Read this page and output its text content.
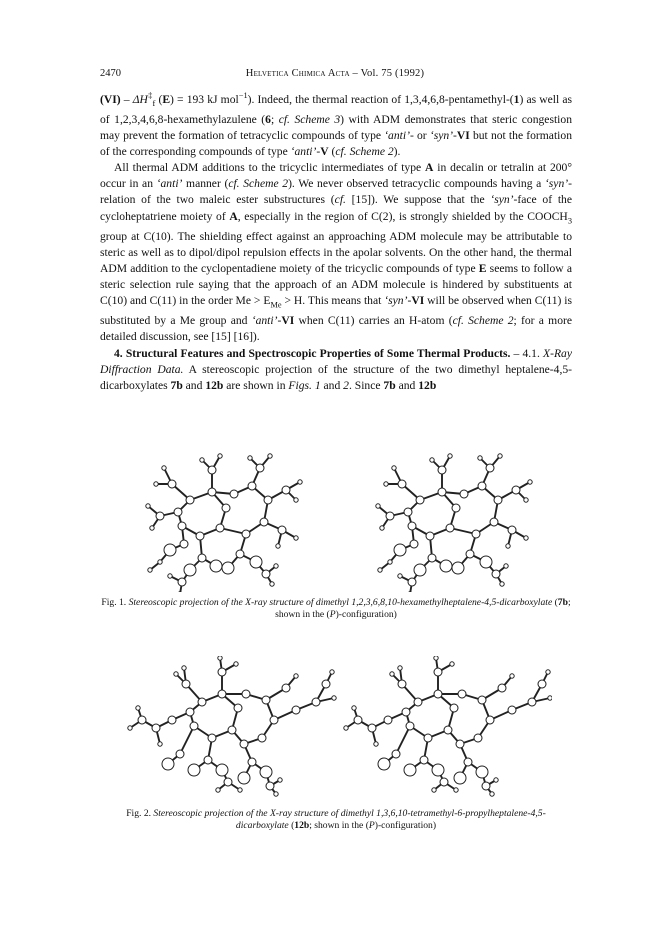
2470	Helvetica Chimica Acta – Vol. 75 (1992)

$(VI) - \Delta H^\ddagger_f$ (E) = 193 kJ mol$^{-1}$). Indeed, the thermal reaction of 1,3,4,6,8-pentamethyl-(1) as well as of 1,2,3,4,6,8-hexamethylazulene (6; cf. Scheme 3) with ADM demonstrates that steric congestion may prevent the formation of tetracyclic compounds of type ‘anti’- or ‘syn’-VI but not the formation of the corresponding compounds of type ‘anti’-V (cf. Scheme 2).

All thermal ADM additions to the tricyclic intermediates of type A in decalin or tetralin at 200° occur in an ‘anti’ manner (cf. Scheme 2). We never observed tetracyclic compounds having a ‘syn’-relation of the two maleic ester substructures (cf. [15]). We suppose that the ‘syn’-face of the cycloheptatriene moiety of A, especially in the region of C(2), is strongly shielded by the $COOCH_3$ group at C(10). The shielding effect against an approaching ADM molecule may be attributable to steric as well as to dipol/dipol repulsion effects in the apolar solvents. On the other hand, the thermal ADM addition to the cyclopentadiene moiety of the tricyclic compounds of type E seems to follow a steric selection rule saying that the approach of an ADM molecule is hindered by substituents at C(10) and C(11) in the order $Me > E_{Me} > H$. This means that ‘syn’-VI will be observed when C(11) is substituted by a Me group and ‘anti’-VI when C(11) carries an H-atom (cf. Scheme 2; for a more detailed discussion, see [15] [16]).

4. Structural Features and Spectroscopic Properties of Some Thermal Products. – 4.1. X-Ray Diffraction Data. A stereoscopic projection of the structure of the two dimethyl heptalene-4,5-dicarboxylates 7b and 12b are shown in Figs. 1 and 2. Since 7b and 12b

Fig. 1. Stereoscopic projection of the X-ray structure of dimethyl 1,2,3,6,8,10-hexamethylheptalene-4,5-dicarboxylate (7b; shown in the (P)-configuration)
Fig. 2. Stereoscopic projection of the X-ray structure of dimethyl 1,3,6,10-tetramethyl-6-propylheptalene-4,5-dicarboxylate (12b; shown in the (P)-configuration)
